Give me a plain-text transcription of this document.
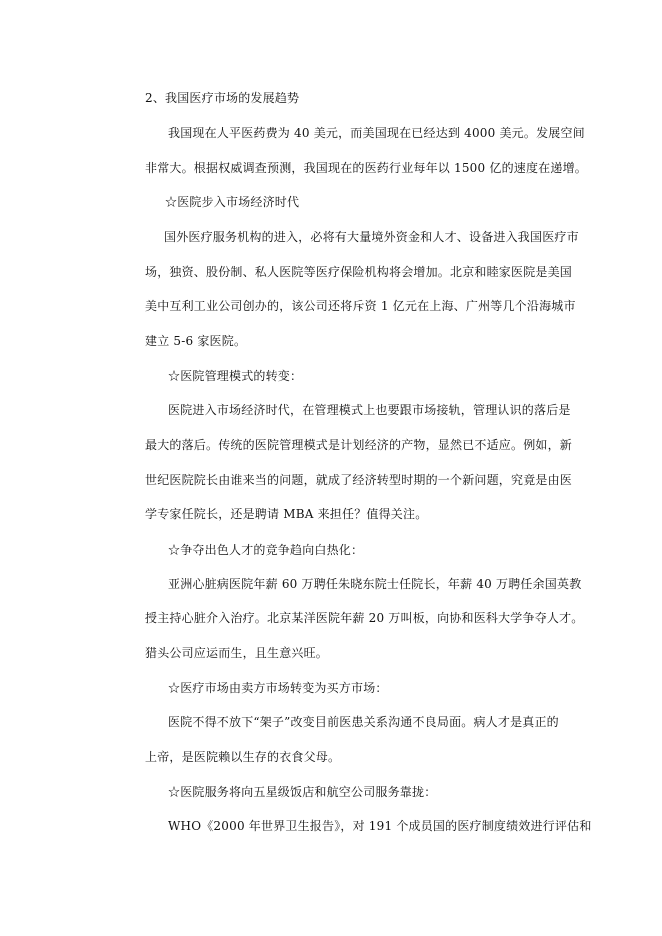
2、我国医疗市场的发展趋势
我国现在人平医药费为 40 美元，而美国现在已经达到 4000 美元。发展空间
非常大。根据权威调查预测，我国现在的医药行业每年以 1500 亿的速度在递增。
☆医院步入市场经济时代
国外医疗服务机构的进入，必将有大量境外资金和人才、设备进入我国医疗市
场，独资、股份制、私人医院等医疗保险机构将会增加。北京和睦家医院是美国
美中互利工业公司创办的，该公司还将斥资 1 亿元在上海、广州等几个沿海城市
建立 5-6 家医院。
☆医院管理模式的转变：
医院进入市场经济时代，在管理模式上也要跟市场接轨，管理认识的落后是
最大的落后。传统的医院管理模式是计划经济的产物，显然已不适应。例如，新
世纪医院院长由谁来当的问题，就成了经济转型时期的一个新问题，究竟是由医
学专家任院长，还是聘请 MBA 来担任？值得关注。
☆争夺出色人才的竞争趋向白热化：
亚洲心脏病医院年薪 60 万聘任朱晓东院士任院长，年薪 40 万聘任余国英教
授主持心脏介入治疗。北京某洋医院年薪 20 万叫板，向协和医科大学争夺人才。
猎头公司应运而生，且生意兴旺。
☆医疗市场由卖方市场转变为买方市场：
医院不得不放下“架子”改变目前医患关系沟通不良局面。病人才是真正的
上帝，是医院赖以生存的衣食父母。
☆医院服务将向五星级饭店和航空公司服务靠拢：
WHO《2000 年世界卫生报告》，对 191 个成员国的医疗制度绩效进行评估和
